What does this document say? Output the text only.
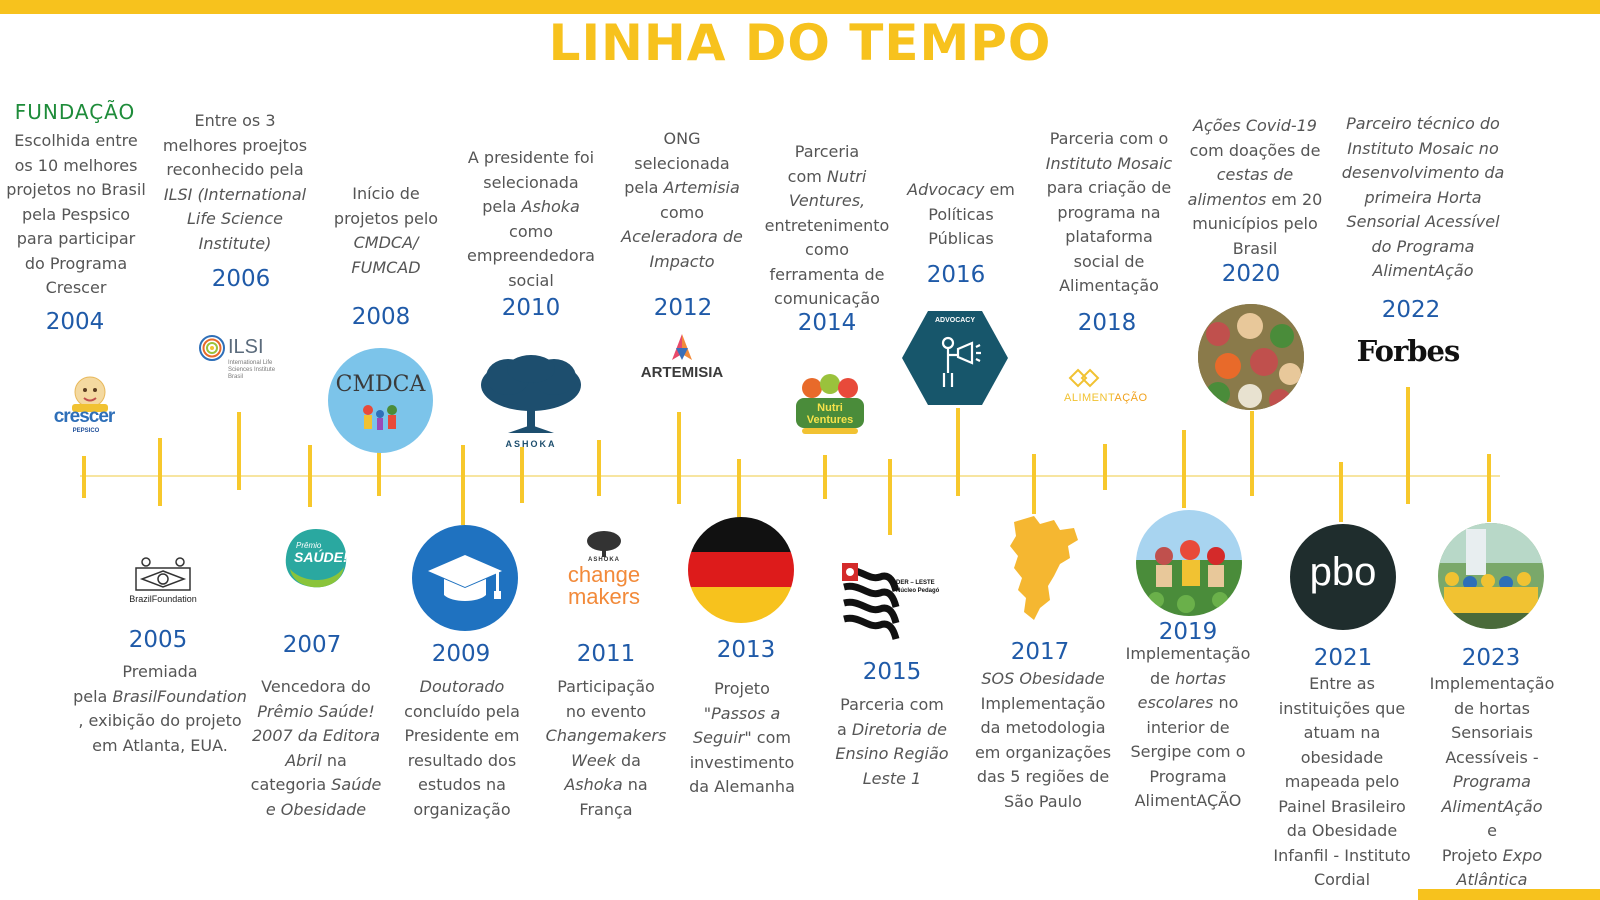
LINHA DO TEMPO
FUNDAÇÃO
Escolhida entre
os 10 melhores
projetos no Brasil
pela Pespsico
para participar
do Programa
Crescer
2004
crescer
PEPSICO
Entre os 3
melhores proejtos
reconhecido pela
ILSI (International
Life Science
Institute)
2006
ILSI
International Life
Sciences Institute
Brasil
Início de
projetos pelo
CMDCA/
FUMCAD
2008
CMDCA
A presidente foi
selecionada
pela Ashoka
como
empreendedora
social
2010
ASHOKA
ONG
selecionada
pela Artemisia
como
Aceleradora de
Impacto
2012
ARTEMISIA
Parceria
com Nutri
Ventures,
entretenimento
como
ferramenta de
comunicação
2014
Nutri Ventures
Advocacy em
Políticas
Públicas
2016
ADVOCACY
Parceria com o
Instituto Mosaic
para criação de
programa na
plataforma
social de
Alimentação
2018
ALIMENTAÇÃO
Ações Covid-19
com doações de
cestas de
alimentos em 20
municípios pelo
Brasil
2020
Parceiro técnico do
Instituto Mosaic no
desenvolvimento da
primeira Horta
Sensorial Acessível
do Programa
AlimentAção
2022
Forbes
BrazilFoundation
2005
Premiada
pela BrasilFoundation
, exibição do projeto
em Atlanta, EUA.
Prêmio
SAÚDE!
2007
Vencedora do
Prêmio Saúde!
2007 da Editora
Abril na
categoria Saúde
e Obesidade
2009
Doutorado
concluído pela
Presidente em
resultado dos
estudos na
organização
ASHOKA
change
makers
2011
Participação
no evento
Changemakers
Week da
Ashoka na
França
2013
Projeto
"Passos a
Seguir" com
investimento
da Alemanha
DER – LESTE
Núcleo Pedagó
2015
Parceria com
a Diretoria de
Ensino Região
Leste 1
2017
SOS Obesidade
Implementação
da metodologia
em organizações
das 5 regiões de
São Paulo
2019
Implementação
de hortas
escolares no
interior de
Sergipe com o
Programa
AlimentAÇÃO
pbo
2021
Entre as
instituições que
atuam na
obesidade
mapeada pelo
Painel Brasileiro
da Obesidade
Infanfil - Instituto
Cordial
2023
Implementação
de hortas
Sensoriais
Acessíveis -
Programa
AlimentAção
e
Projeto Expo
Atlântica
